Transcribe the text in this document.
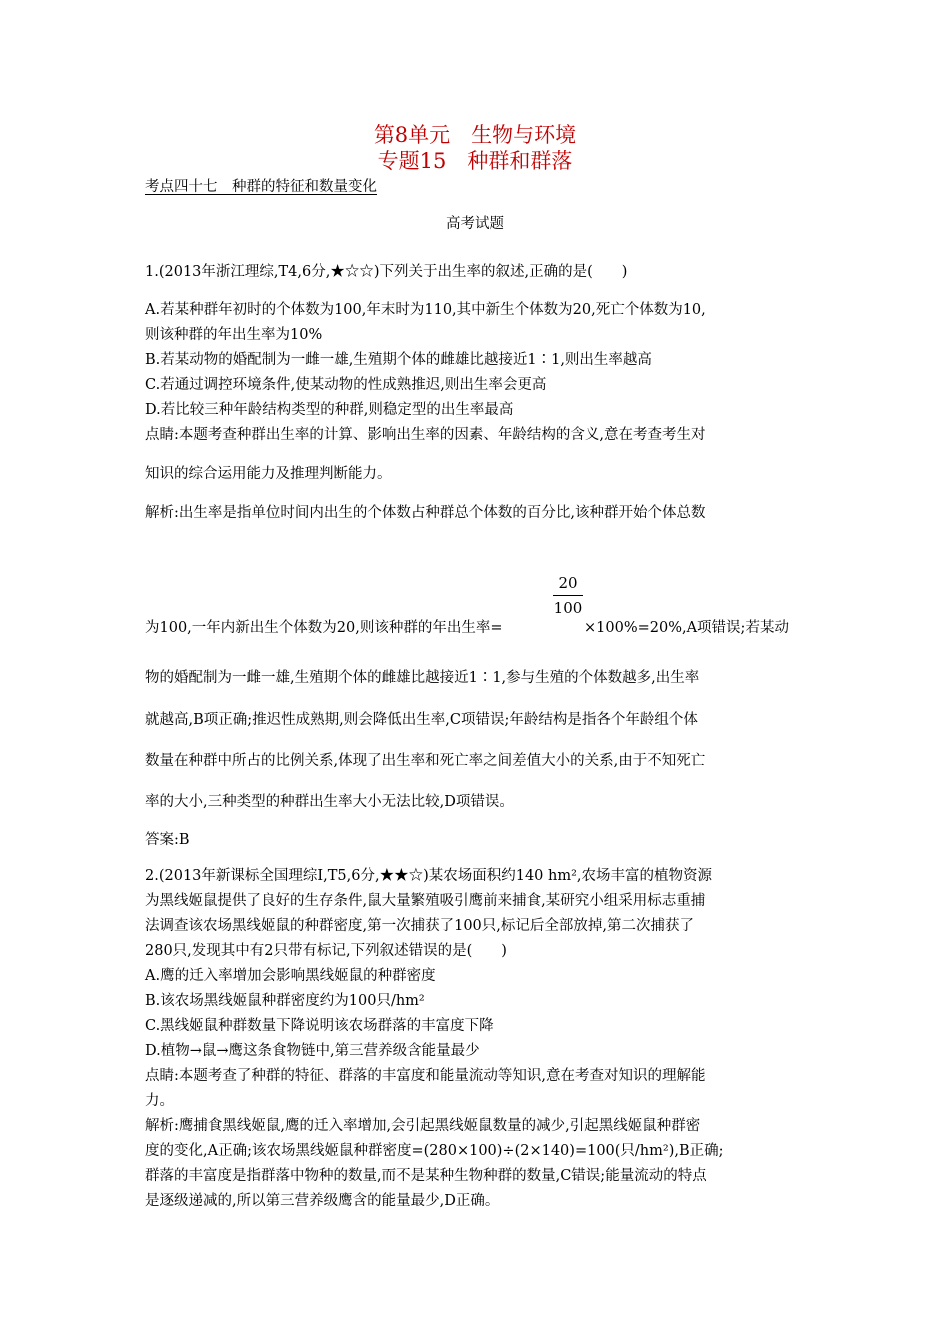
第8单元　生物与环境
专题15　种群和群落
考点四十七　种群的特征和数量变化
高考试题
1.(2013年浙江理综,T4,6分,★☆☆)下列关于出生率的叙述,正确的是(　　)
A.若某种群年初时的个体数为100,年末时为110,其中新生个体数为20,死亡个体数为10,
则该种群的年出生率为10%
B.若某动物的婚配制为一雌一雄,生殖期个体的雌雄比越接近1∶1,则出生率越高
C.若通过调控环境条件,使某动物的性成熟推迟,则出生率会更高
D.若比较三种年龄结构类型的种群,则稳定型的出生率最高
点睛:本题考查种群出生率的计算、影响出生率的因素、年龄结构的含义,意在考查考生对
知识的综合运用能力及推理判断能力。
解析:出生率是指单位时间内出生的个体数占种群总个体数的百分比,该种群开始个体总数
20
100
为100,一年内新出生个体数为20,则该种群的年出生率=	×100%=20%,A项错误;若某动
物的婚配制为一雌一雄,生殖期个体的雌雄比越接近1∶1,参与生殖的个体数越多,出生率
就越高,B项正确;推迟性成熟期,则会降低出生率,C项错误;年龄结构是指各个年龄组个体
数量在种群中所占的比例关系,体现了出生率和死亡率之间差值大小的关系,由于不知死亡
率的大小,三种类型的种群出生率大小无法比较,D项错误。
答案:B
2.(2013年新课标全国理综Ⅰ,T5,6分,★★☆)某农场面积约140 hm²,农场丰富的植物资源
为黑线姬鼠提供了良好的生存条件,鼠大量繁殖吸引鹰前来捕食,某研究小组采用标志重捕
法调查该农场黑线姬鼠的种群密度,第一次捕获了100只,标记后全部放掉,第二次捕获了
280只,发现其中有2只带有标记,下列叙述错误的是(　　)
A.鹰的迁入率增加会影响黑线姬鼠的种群密度
B.该农场黑线姬鼠种群密度约为100只/hm²
C.黑线姬鼠种群数量下降说明该农场群落的丰富度下降
D.植物→鼠→鹰这条食物链中,第三营养级含能量最少
点睛:本题考查了种群的特征、群落的丰富度和能量流动等知识,意在考查对知识的理解能
力。
解析:鹰捕食黑线姬鼠,鹰的迁入率增加,会引起黑线姬鼠数量的减少,引起黑线姬鼠种群密
度的变化,A正确;该农场黑线姬鼠种群密度=(280×100)÷(2×140)=100(只/hm²),B正确;
群落的丰富度是指群落中物种的数量,而不是某种生物种群的数量,C错误;能量流动的特点
是逐级递减的,所以第三营养级鹰含的能量最少,D正确。
